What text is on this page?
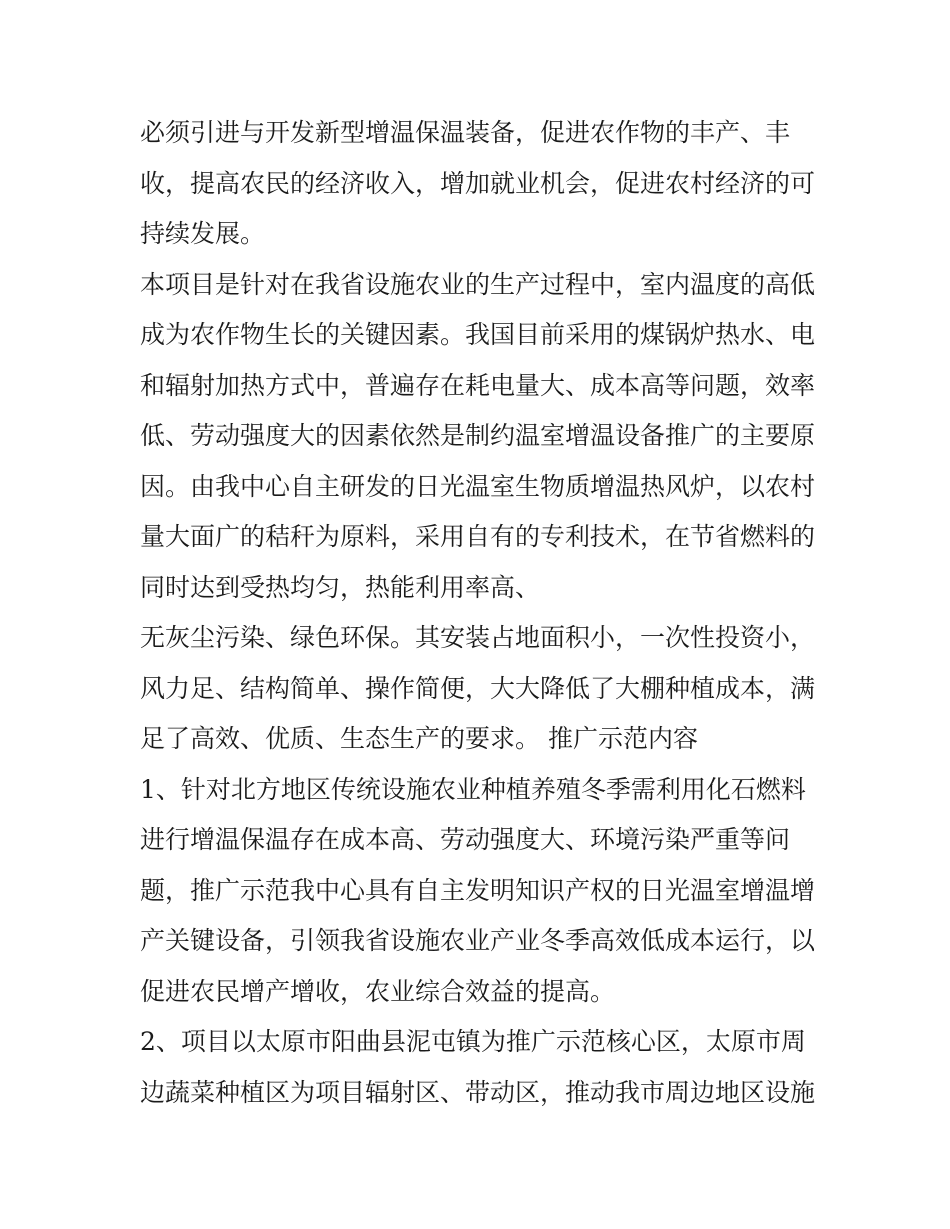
必须引进与开发新型增温保温装备，促进农作物的丰产、丰
收，提高农民的经济收入，增加就业机会，促进农村经济的可
持续发展。
本项目是针对在我省设施农业的生产过程中，室内温度的高低
成为农作物生长的关键因素。我国目前采用的煤锅炉热水、电
和辐射加热方式中，普遍存在耗电量大、成本高等问题，效率
低、劳动强度大的因素依然是制约温室增温设备推广的主要原
因。由我中心自主研发的日光温室生物质增温热风炉，以农村
量大面广的秸秆为原料，采用自有的专利技术，在节省燃料的
同时达到受热均匀，热能利用率高、
无灰尘污染、绿色环保。其安装占地面积小，一次性投资小，
风力足、结构简单、操作简便，大大降低了大棚种植成本，满
足了高效、优质、生态生产的要求。 推广示范内容
1、针对北方地区传统设施农业种植养殖冬季需利用化石燃料
进行增温保温存在成本高、劳动强度大、环境污染严重等问
题，推广示范我中心具有自主发明知识产权的日光温室增温增
产关键设备，引领我省设施农业产业冬季高效低成本运行，以
促进农民增产增收，农业综合效益的提高。
2、项目以太原市阳曲县泥屯镇为推广示范核心区，太原市周
边蔬菜种植区为项目辐射区、带动区，推动我市周边地区设施
